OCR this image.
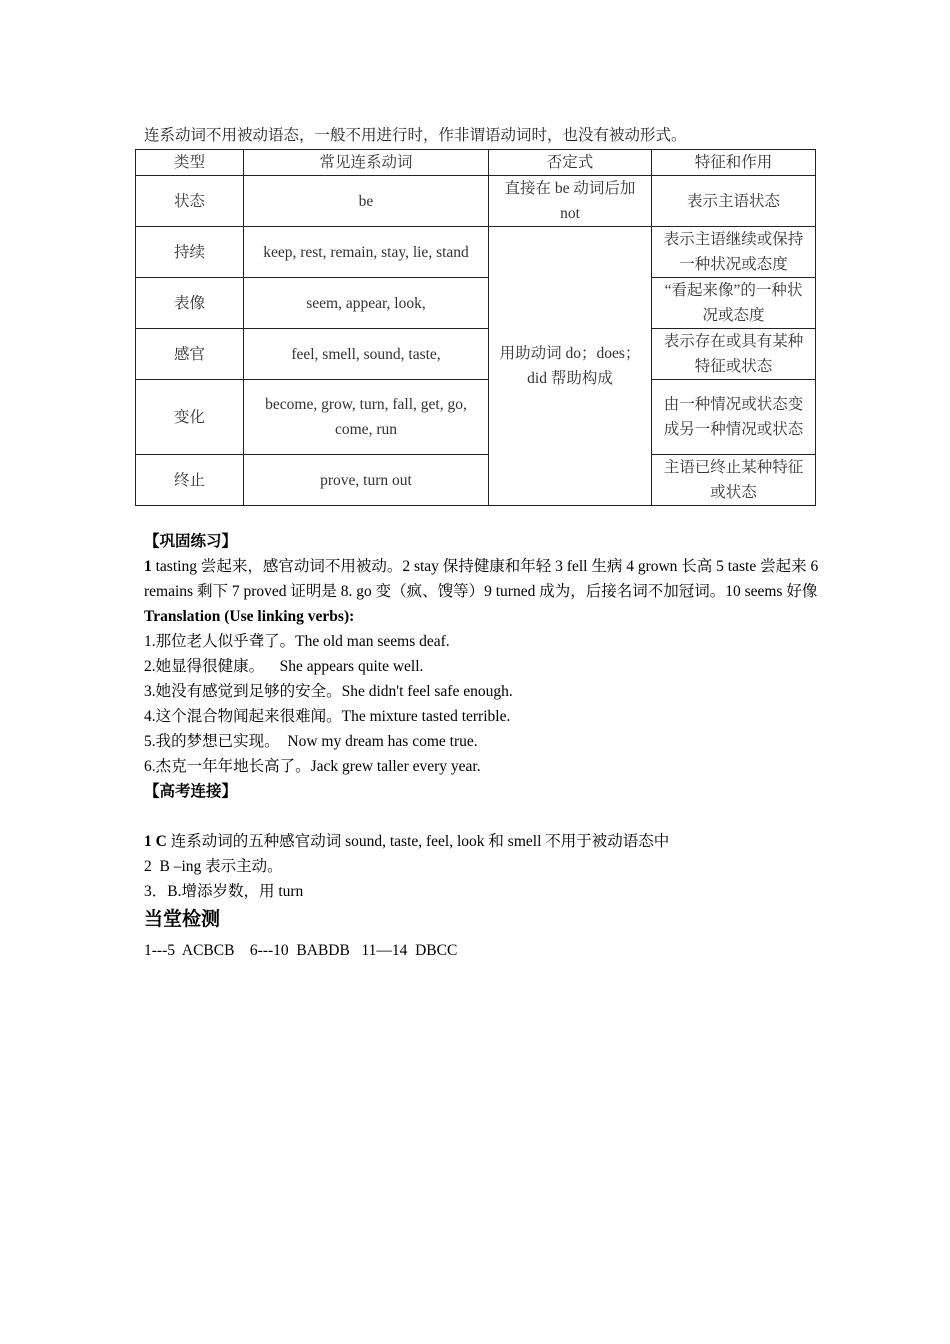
连系动词不用被动语态，一般不用进行时，作非谓语动词时，也没有被动形式。
类型	常见连系动词	否定式	特征和作用
状态	be	直接在 be 动词后加 not	表示主语状态
持续	keep, rest, remain, stay, lie, stand	用助动词 do；does；did 帮助构成	表示主语继续或保持一种状况或态度
表像	seem, appear, look,		“看起来像”的一种状况或态度
感官	feel, smell, sound, taste,		表示存在或具有某种特征或状态
变化	become, grow, turn, fall, get, go, come, run		由一种情况或状态变成另一种情况或状态
终止	prove, turn out		主语已终止某种特征或状态

【巩固练习】

1 tasting 尝起来，感官动词不用被动。2 stay 保持健康和年轻 3 fell 生病 4 grown 长高 5 taste 尝起来 6 remains 剩下 7 proved 证明是 8. go 变（疯、馊等）9 turned 成为，后接名词不加冠词。10 seems 好像

Translation (Use linking verbs):

1.那位老人似乎聋了。The old man seems deaf.

2.她显得很健康。    She appears quite well.

3.她没有感觉到足够的安全。She didn't feel safe enough.

4.这个混合物闻起来很难闻。The mixture tasted terrible.

5.我的梦想已实现。  Now my dream has come true.

6.杰克一年年地长高了。Jack grew taller every year.

【高考连接】

1 C 连系动词的五种感官动词 sound, taste, feel, look 和 smell 不用于被动语态中

2  B –ing 表示主动。

3．B.增添岁数，用 turn

当堂检测

1---5  ACBCB    6---10  BABDB   11—14  DBCC
